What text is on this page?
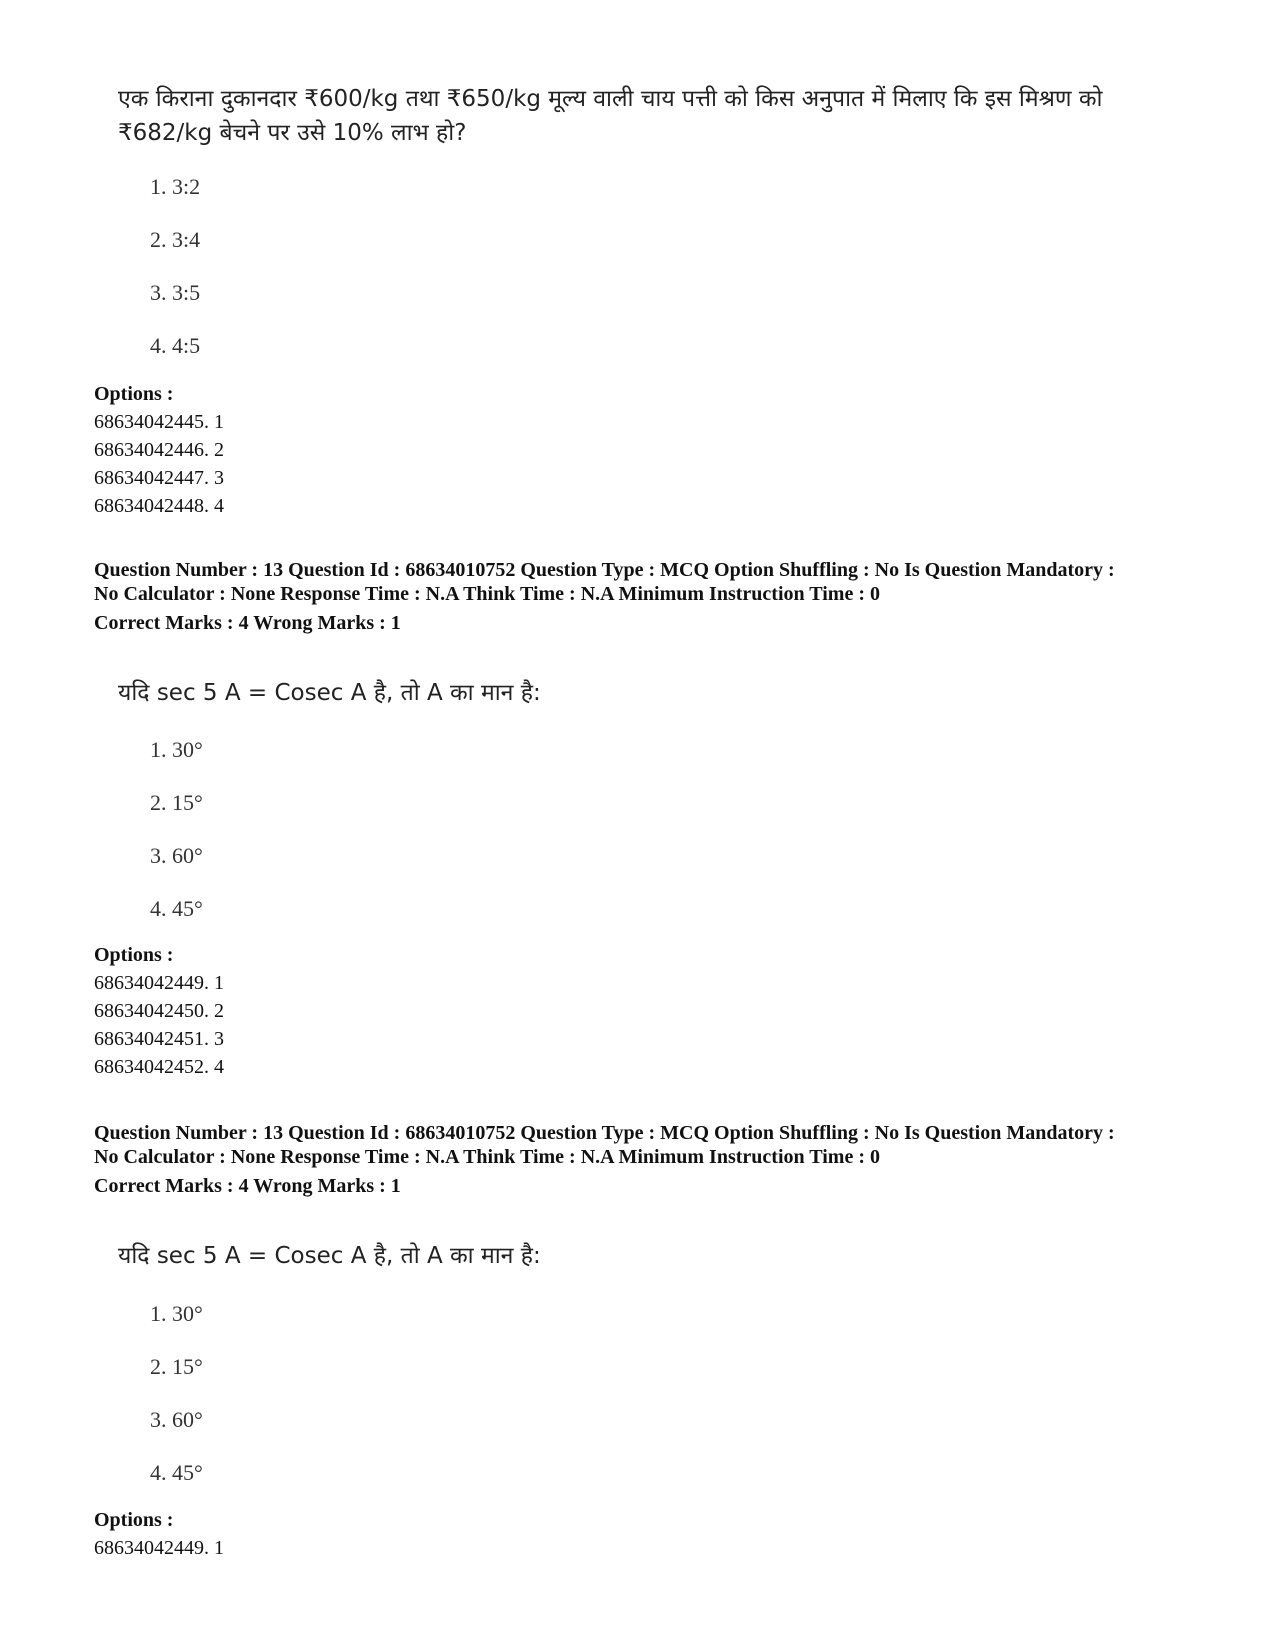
एक किराना दुकानदार ₹600/kg तथा ₹650/kg मूल्य वाली चाय पत्ती को किस अनुपात में मिलाए कि इस मिश्रण को
₹682/kg बेचने पर उसे 10% लाभ हो?
1. 3:2
2. 3:4
3. 3:5
4. 4:5
Options :
68634042445. 1
68634042446. 2
68634042447. 3
68634042448. 4
Question Number : 13 Question Id : 68634010752 Question Type : MCQ Option Shuffling : No Is Question Mandatory :
No Calculator : None Response Time : N.A Think Time : N.A Minimum Instruction Time : 0
Correct Marks : 4 Wrong Marks : 1
यदि sec 5 A = Cosec A है, तो A का मान है:
1. 30°
2. 15°
3. 60°
4. 45°
Options :
68634042449. 1
68634042450. 2
68634042451. 3
68634042452. 4
Question Number : 13 Question Id : 68634010752 Question Type : MCQ Option Shuffling : No Is Question Mandatory :
No Calculator : None Response Time : N.A Think Time : N.A Minimum Instruction Time : 0
Correct Marks : 4 Wrong Marks : 1
यदि sec 5 A = Cosec A है, तो A का मान है:
1. 30°
2. 15°
3. 60°
4. 45°
Options :
68634042449. 1
